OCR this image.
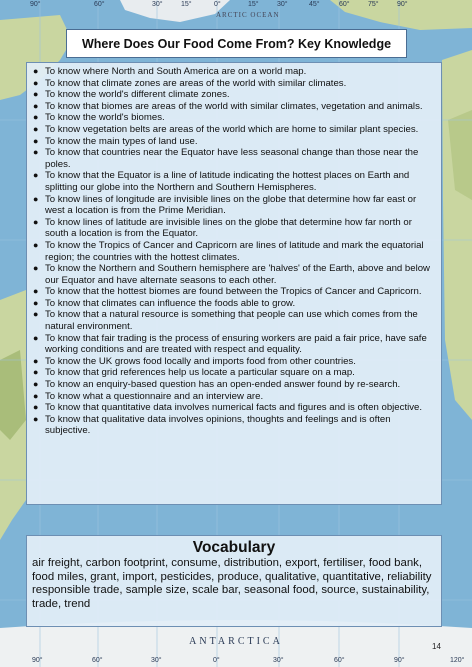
90°	60°	30°	15°	0°	15°	30°	45°	60°	75°	90°
ARCTIC OCEAN
Where Does Our Food Come From? Key Knowledge
● To know where North and South America are on a world map.
● To know that climate zones are areas of the world with similar climates.
● To know the world's different climate zones.
● To know that biomes are areas of the world with similar climates, vegetation and animals.
● To know the world's biomes.
● To know vegetation belts are areas of the world which are home to similar plant species.
● To know the main types of land use.
● To know that countries near the Equator have less seasonal change than those near the poles.
● To know that the Equator is a line of latitude indicating the hottest places on Earth and splitting our globe into the Northern and Southern Hemispheres.
● To know lines of longitude are invisible lines on the globe that determine how far east or west a location is from the Prime Meridian.
● To know lines of latitude are invisible lines on the globe that determine how far north or south a location is from the Equator.
● To know the Tropics of Cancer and Capricorn are lines of latitude and mark the equatorial region; the countries with the hottest climates.
● To know the Northern and Southern hemisphere are 'halves' of the Earth, above and below our Equator and have alternate seasons to each other.
● To know that the hottest biomes are found between the Tropics of Cancer and Capricorn.
● To know that climates can influence the foods able to grow.
● To know that a natural resource is something that people can use which comes from the natural environment.
● To know that fair trading is the process of ensuring workers are paid a fair price, have safe working conditions and are treated with respect and equality.
● To know the UK grows food locally and imports food from other countries.
● To know that grid references help us locate a particular square on a map.
● To know an enquiry-based question has an open-ended answer found by re-search.
● To know what a questionnaire and an interview are.
● To know that quantitative data involves numerical facts and figures and is often objective.
● To know that qualitative data involves opinions, thoughts and feelings and is often subjective.
Vocabulary
air freight, carbon footprint, consume, distribution, export, fertiliser, food bank, food miles, grant, import, pesticides, produce, qualitative, quantitative, reliability
responsible trade, sample size, scale bar, seasonal food, source, sustainability, trade, trend
ANTARCTICA	14
90°	60°	30°	0°	30°	60°	90°	120°
